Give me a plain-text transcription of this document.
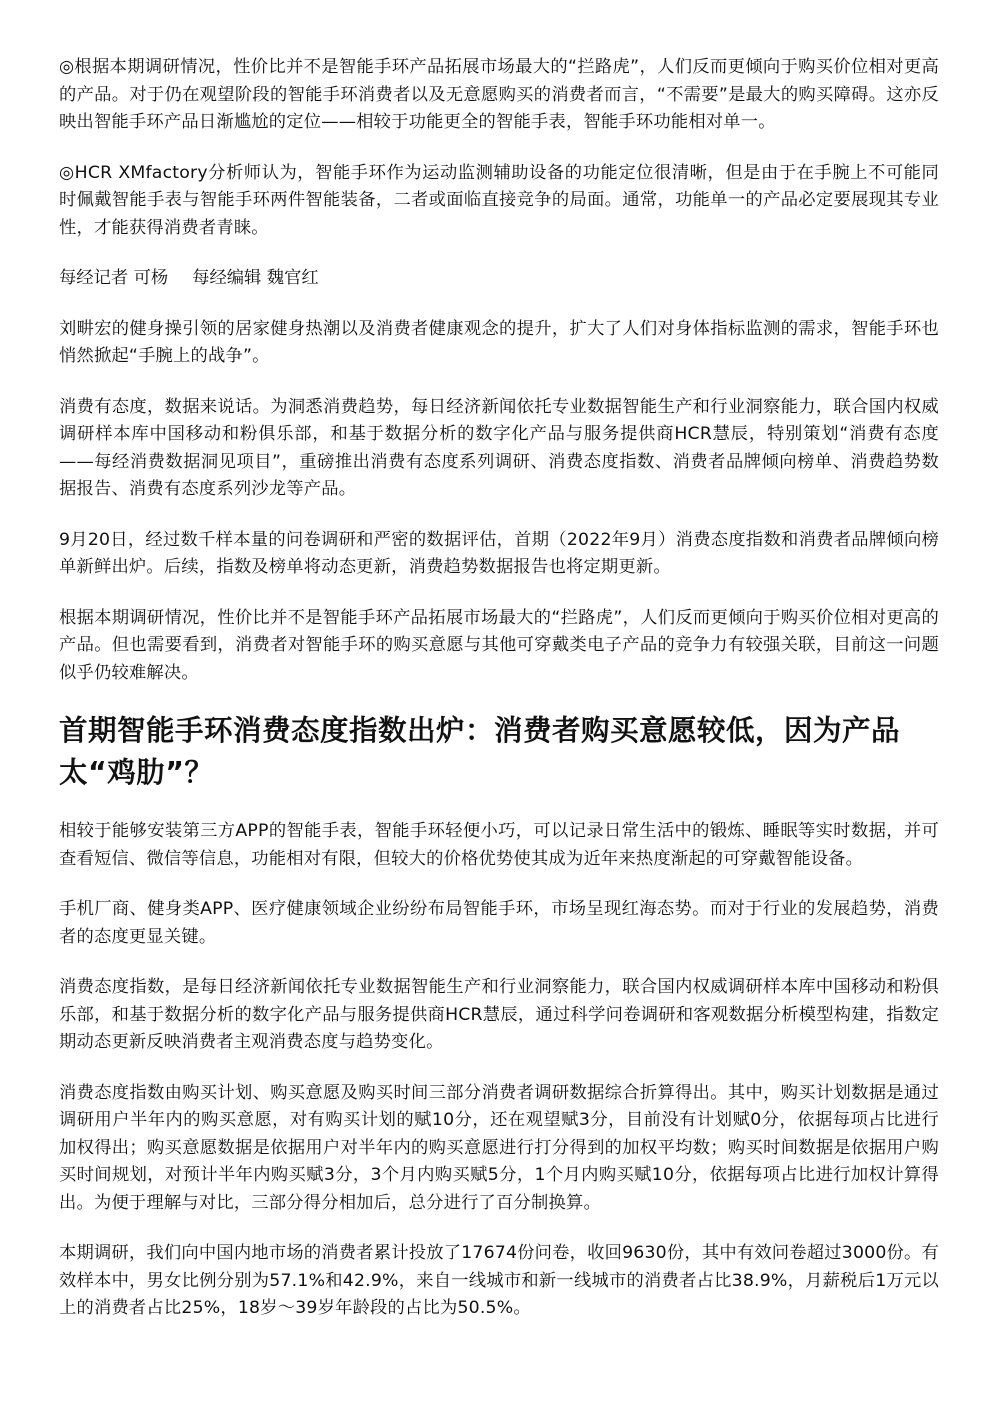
◎根据本期调研情况，性价比并不是智能手环产品拓展市场最大的“拦路虎”，人们反而更倾向于购买价位相对更高的产品。对于仍在观望阶段的智能手环消费者以及无意愿购买的消费者而言，“不需要”是最大的购买障碍。这亦反映出智能手环产品日渐尴尬的定位——相较于功能更全的智能手表，智能手环功能相对单一。

◎HCR XMfactory分析师认为，智能手环作为运动监测辅助设备的功能定位很清晰，但是由于在手腕上不可能同时佩戴智能手表与智能手环两件智能装备，二者或面临直接竞争的局面。通常，功能单一的产品必定要展现其专业性，才能获得消费者青睐。

每经记者 可杨 每经编辑 魏官红

刘畊宏的健身操引领的居家健身热潮以及消费者健康观念的提升，扩大了人们对身体指标监测的需求，智能手环也悄然掀起“手腕上的战争”。

消费有态度，数据来说话。为洞悉消费趋势，每日经济新闻依托专业数据智能生产和行业洞察能力，联合国内权威调研样本库中国移动和粉俱乐部，和基于数据分析的数字化产品与服务提供商HCR慧辰，特别策划“消费有态度——每经消费数据洞见项目”，重磅推出消费有态度系列调研、消费态度指数、消费者品牌倾向榜单、消费趋势数据报告、消费有态度系列沙龙等产品。

9月20日，经过数千样本量的问卷调研和严密的数据评估，首期（2022年9月）消费态度指数和消费者品牌倾向榜单新鲜出炉。后续，指数及榜单将动态更新，消费趋势数据报告也将定期更新。

根据本期调研情况，性价比并不是智能手环产品拓展市场最大的“拦路虎”，人们反而更倾向于购买价位相对更高的产品。但也需要看到，消费者对智能手环的购买意愿与其他可穿戴类电子产品的竞争力有较强关联，目前这一问题似乎仍较难解决。

首期智能手环消费态度指数出炉：消费者购买意愿较低，因为产品太“鸡肋”？

相较于能够安装第三方APP的智能手表，智能手环轻便小巧，可以记录日常生活中的锻炼、睡眠等实时数据，并可查看短信、微信等信息，功能相对有限，但较大的价格优势使其成为近年来热度渐起的可穿戴智能设备。

手机厂商、健身类APP、医疗健康领域企业纷纷布局智能手环，市场呈现红海态势。而对于行业的发展趋势，消费者的态度更显关键。

消费态度指数，是每日经济新闻依托专业数据智能生产和行业洞察能力，联合国内权威调研样本库中国移动和粉俱乐部，和基于数据分析的数字化产品与服务提供商HCR慧辰，通过科学问卷调研和客观数据分析模型构建，指数定期动态更新反映消费者主观消费态度与趋势变化。

消费态度指数由购买计划、购买意愿及购买时间三部分消费者调研数据综合折算得出。其中，购买计划数据是通过调研用户半年内的购买意愿，对有购买计划的赋10分，还在观望赋3分，目前没有计划赋0分，依据每项占比进行加权得出；购买意愿数据是依据用户对半年内的购买意愿进行打分得到的加权平均数；购买时间数据是依据用户购买时间规划，对预计半年内购买赋3分，3个月内购买赋5分，1个月内购买赋10分，依据每项占比进行加权计算得出。为便于理解与对比，三部分得分相加后，总分进行了百分制换算。

本期调研，我们向中国内地市场的消费者累计投放了17674份问卷，收回9630份，其中有效问卷超过3000份。有效样本中，男女比例分别为57.1%和42.9%，来自一线城市和新一线城市的消费者占比38.9%，月薪税后1万元以上的消费者占比25%，18岁～39岁年龄段的占比为50.5%。
